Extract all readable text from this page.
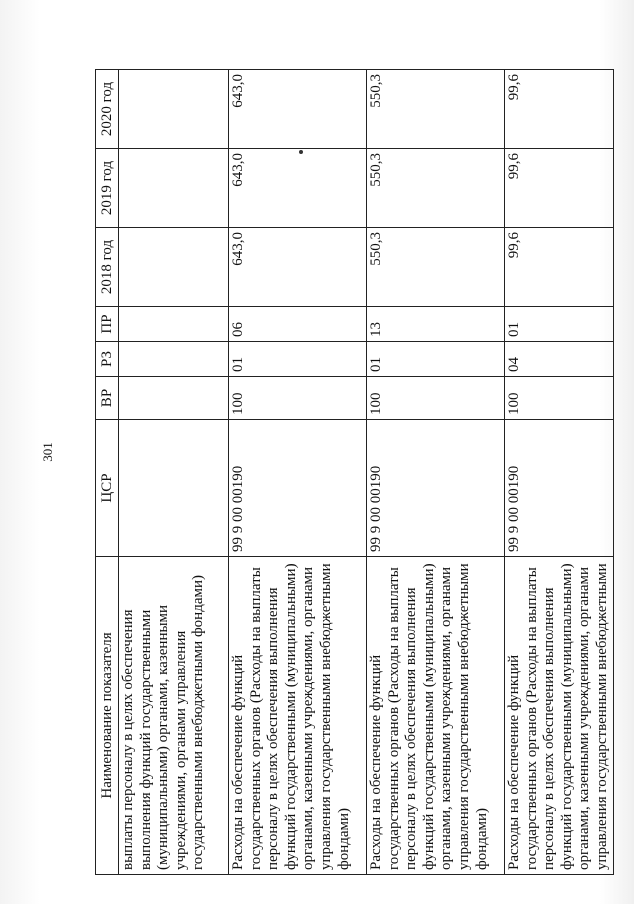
301
Наименование показателя	ЦСР	ВР	РЗ	ПР	2018 год	2019 год	2020 год
выплаты персоналу в целях обеспечения выполнения функций государственными (муниципальными) органами, казенными учреждениями, органами управления государственными внебюджетными фондами)							
Расходы на обеспечение функций государственных органов (Расходы на выплаты персоналу в целях обеспечения выполнения функций государственными (муниципальными) органами, казенными учреждениями, органами управления государственными внебюджетными фондами)	99 9 00 00190	100	01	06	643,0	643,0	643,0
Расходы на обеспечение функций государственных органов (Расходы на выплаты персоналу в целях обеспечения выполнения функций государственными (муниципальными) органами, казенными учреждениями, органами управления государственными внебюджетными фондами)	99 9 00 00190	100	01	13	550,3	550,3	550,3
Расходы на обеспечение функций государственных органов (Расходы на выплаты персоналу в целях обеспечения выполнения функций государственными (муниципальными) органами, казенными учреждениями, органами управления государственными внебюджетными	99 9 00 00190	100	04	01	99,6	99,6	99,6
